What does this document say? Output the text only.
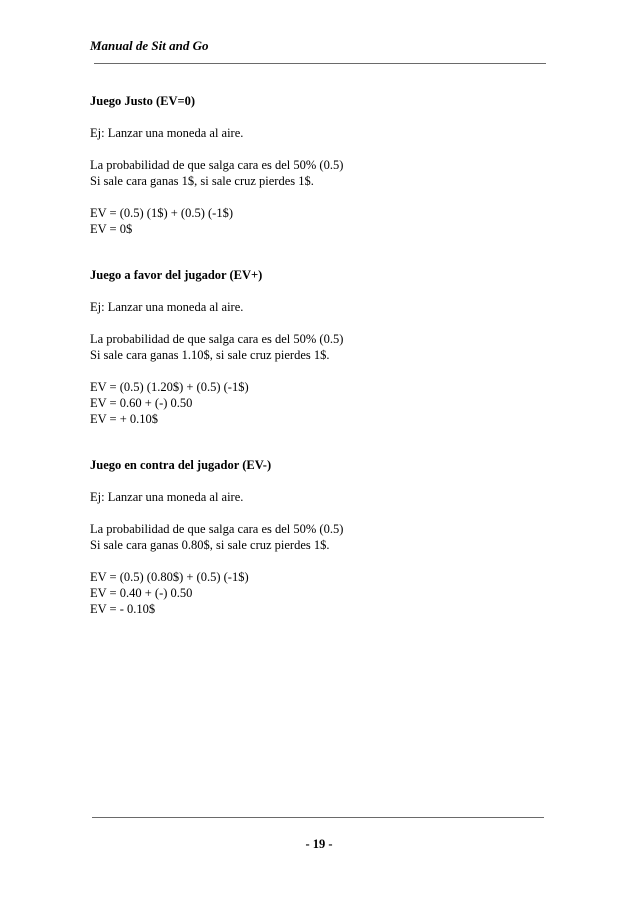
Manual de Sit and Go

Juego Justo (EV=0)

Ej: Lanzar una moneda al aire.

La probabilidad de que salga cara es del 50% (0.5)

Si sale cara ganas 1$, si sale cruz pierdes 1$.

EV = (0.5) (1$) + (0.5) (-1$)

EV = 0$

Juego a favor del jugador (EV+)

Ej: Lanzar una moneda al aire.

La probabilidad de que salga cara es del 50% (0.5)

Si sale cara ganas 1.10$, si sale cruz pierdes 1$.

EV = (0.5) (1.20$) + (0.5) (-1$)

EV = 0.60 + (-) 0.50

EV = + 0.10$

Juego en contra del jugador (EV-)

Ej: Lanzar una moneda al aire.

La probabilidad de que salga cara es del 50% (0.5)

Si sale cara ganas 0.80$, si sale cruz pierdes 1$.

EV = (0.5) (0.80$) + (0.5) (-1$)

EV = 0.40 + (-) 0.50

EV = - 0.10$

- 19 -
